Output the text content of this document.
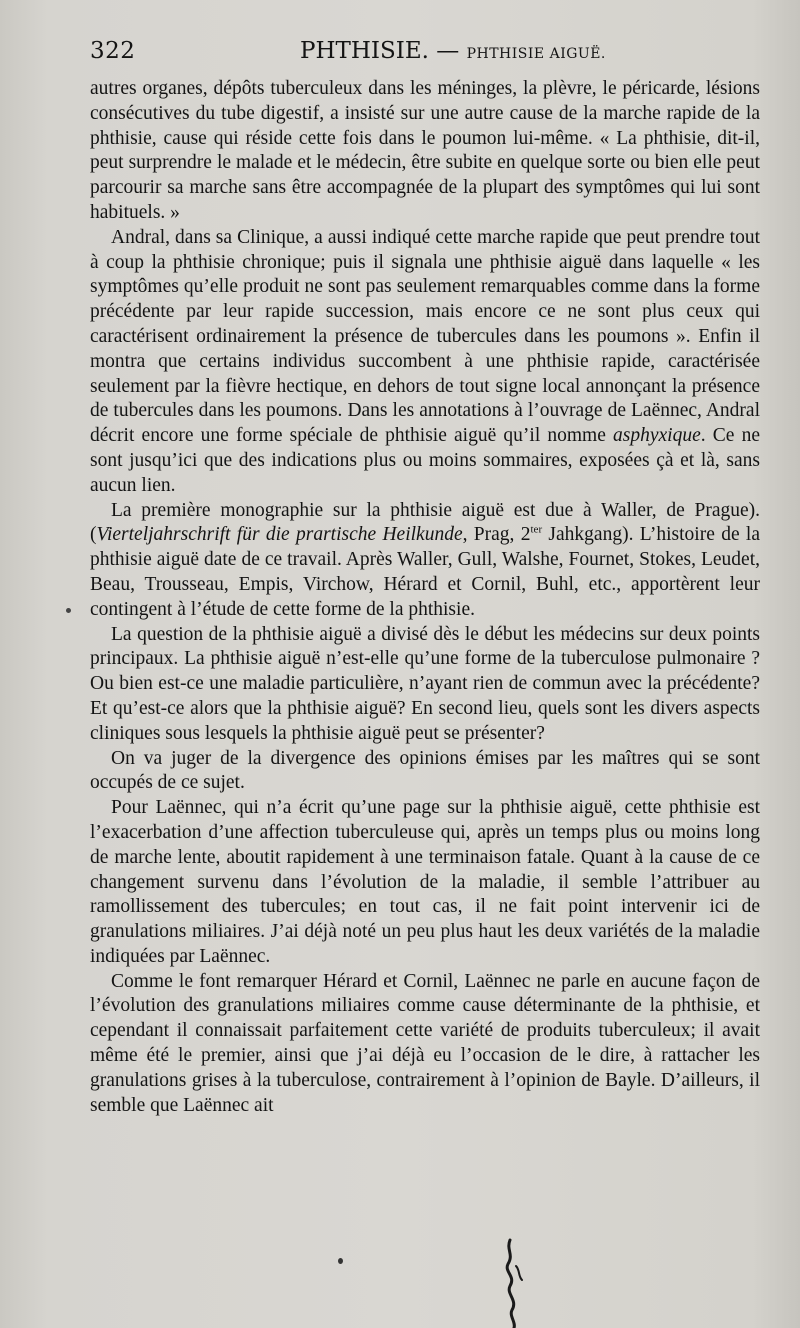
322	PHTHISIE. — PHTHISIE AIGUË.

autres organes, dépôts tuberculeux dans les méninges, la plèvre, le péricarde, lésions consécutives du tube digestif, a insisté sur une autre cause de la marche rapide de la phthisie, cause qui réside cette fois dans le poumon lui-même. « La phthisie, dit-il, peut surprendre le malade et le médecin, être subite en quelque sorte ou bien elle peut parcourir sa marche sans être accompagnée de la plupart des symptômes qui lui sont habituels. »

Andral, dans sa Clinique, a aussi indiqué cette marche rapide que peut prendre tout à coup la phthisie chronique; puis il signala une phthisie aiguë dans laquelle « les symptômes qu’elle produit ne sont pas seulement remarquables comme dans la forme précédente par leur rapide succession, mais encore ce ne sont plus ceux qui caractérisent ordinairement la présence de tubercules dans les poumons ». Enfin il montra que certains individus succombent à une phthisie rapide, caractérisée seulement par la fièvre hectique, en dehors de tout signe local annonçant la présence de tubercules dans les poumons. Dans les annotations à l’ouvrage de Laënnec, Andral décrit encore une forme spéciale de phthisie aiguë qu’il nomme asphyxique. Ce ne sont jusqu’ici que des indications plus ou moins sommaires, exposées çà et là, sans aucun lien.

La première monographie sur la phthisie aiguë est due à Waller, de Prague). (Vierteljahrschrift für die prartische Heilkunde, Prag, $2^{ter}$ Jahkgang). L’histoire de la phthisie aiguë date de ce travail. Après Waller, Gull, Walshe, Fournet, Stokes, Leudet, Beau, Trousseau, Empis, Virchow, Hérard et Cornil, Buhl, etc., apportèrent leur contingent à l’étude de cette forme de la phthisie.

La question de la phthisie aiguë a divisé dès le début les médecins sur deux points principaux. La phthisie aiguë n’est-elle qu’une forme de la tuberculose pulmonaire ? Ou bien est-ce une maladie particulière, n’ayant rien de commun avec la précédente? Et qu’est-ce alors que la phthisie aiguë? En second lieu, quels sont les divers aspects cliniques sous lesquels la phthisie aiguë peut se présenter?

On va juger de la divergence des opinions émises par les maîtres qui se sont occupés de ce sujet.

Pour Laënnec, qui n’a écrit qu’une page sur la phthisie aiguë, cette phthisie est l’exacerbation d’une affection tuberculeuse qui, après un temps plus ou moins long de marche lente, aboutit rapidement à une terminaison fatale. Quant à la cause de ce changement survenu dans l’évolution de la maladie, il semble l’attribuer au ramollissement des tubercules; en tout cas, il ne fait point intervenir ici de granulations miliaires. J’ai déjà noté un peu plus haut les deux variétés de la maladie indiquées par Laënnec.

Comme le font remarquer Hérard et Cornil, Laënnec ne parle en aucune façon de l’évolution des granulations miliaires comme cause déterminante de la phthisie, et cependant il connaissait parfaitement cette variété de produits tuberculeux; il avait même été le premier, ainsi que j’ai déjà eu l’occasion de le dire, à rattacher les granulations grises à la tuberculose, contrairement à l’opinion de Bayle. D’ailleurs, il semble que Laënnec ait
